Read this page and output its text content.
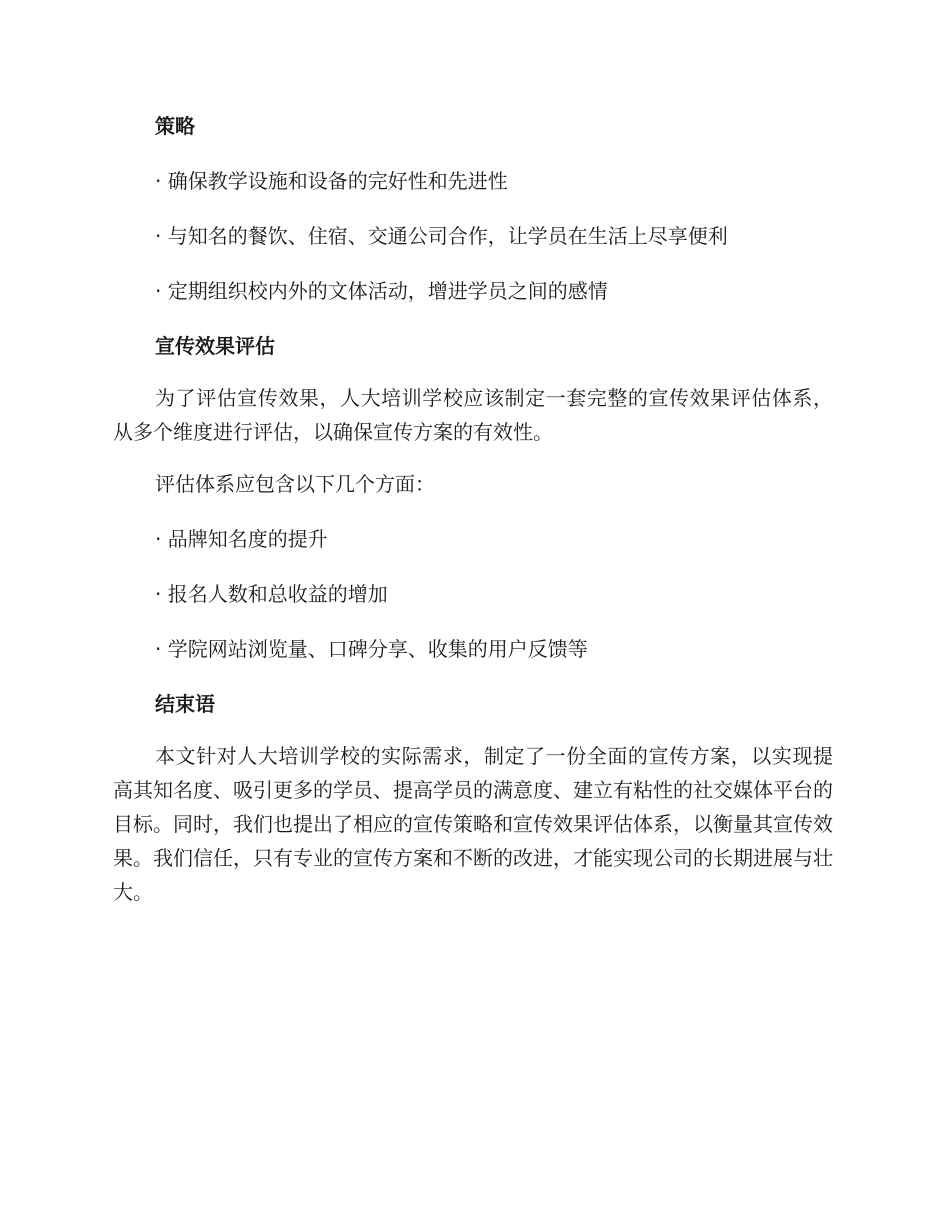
策略
· 确保教学设施和设备的完好性和先进性
· 与知名的餐饮、住宿、交通公司合作，让学员在生活上尽享便利
· 定期组织校内外的文体活动，增进学员之间的感情
宣传效果评估

为了评估宣传效果，人大培训学校应该制定一套完整的宣传效果评估体系，从多个维度进行评估，以确保宣传方案的有效性。

评估体系应包含以下几个方面：
· 品牌知名度的提升
· 报名人数和总收益的增加
· 学院网站浏览量、口碑分享、收集的用户反馈等
结束语

本文针对人大培训学校的实际需求，制定了一份全面的宣传方案，以实现提高其知名度、吸引更多的学员、提高学员的满意度、建立有粘性的社交媒体平台的目标。同时，我们也提出了相应的宣传策略和宣传效果评估体系，以衡量其宣传效果。我们信任，只有专业的宣传方案和不断的改进，才能实现公司的长期进展与壮大。
